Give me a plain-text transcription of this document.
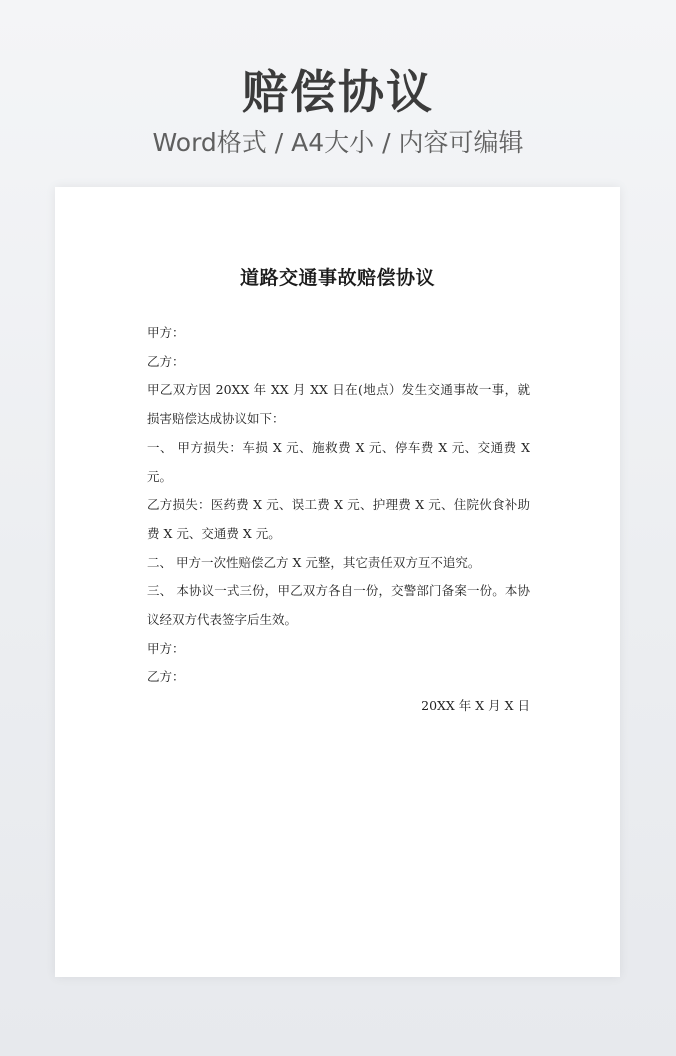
赔偿协议
Word格式 / A4大小 / 内容可编辑
道路交通事故赔偿协议

甲方：

乙方：

甲乙双方因 20XX 年 XX 月 XX 日在(地点）发生交通事故一事，就损害赔偿达成协议如下：

一、 甲方损失：车损 X 元、施救费 X 元、停车费 X 元、交通费 X 元。

乙方损失：医药费 X 元、误工费 X 元、护理费 X 元、住院伙食补助费 X 元、交通费 X 元。

二、 甲方一次性赔偿乙方 X 元整，其它责任双方互不追究。

三、 本协议一式三份，甲乙双方各自一份，交警部门备案一份。本协议经双方代表签字后生效。

甲方：

乙方：

20XX 年 X 月 X 日
